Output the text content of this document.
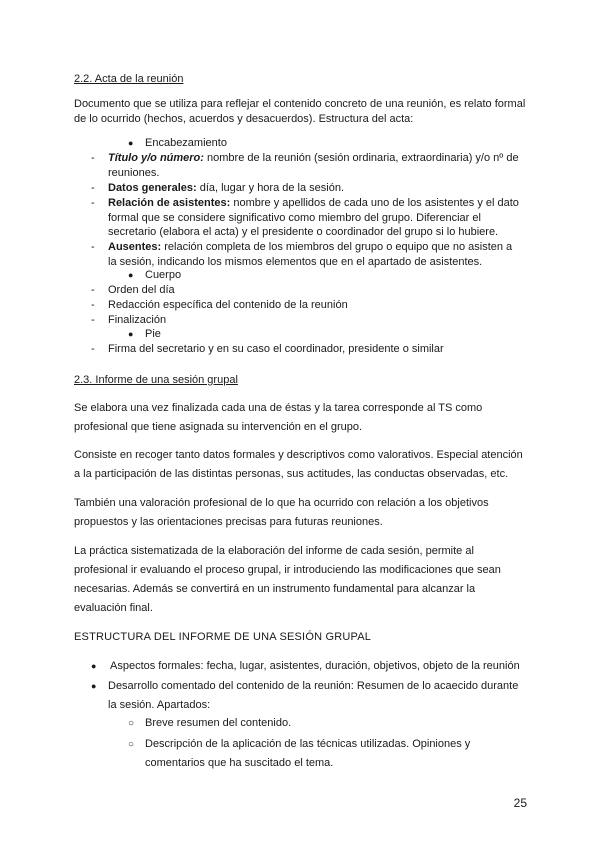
2.2. Acta de la reunión
Documento que se utiliza para reflejar el contenido concreto de una reunión, es relato formal
de lo ocurrido (hechos, acuerdos y desacuerdos). Estructura del acta:
● Encabezamiento
- Título y/o número: nombre de la reunión (sesión ordinaria, extraordinaria) y/o nº de
reuniones.
- Datos generales: día, lugar y hora de la sesión.
- Relación de asistentes: nombre y apellidos de cada uno de los asistentes y el dato
formal que se considere significativo como miembro del grupo. Diferenciar el
secretario (elabora el acta) y el presidente o coordinador del grupo si lo hubiere.
- Ausentes: relación completa de los miembros del grupo o equipo que no asisten a
la sesión, indicando los mismos elementos que en el apartado de asistentes.
● Cuerpo
- Orden del día
- Redacción específica del contenido de la reunión
- Finalización
● Pie
- Firma del secretario y en su caso el coordinador, presidente o similar
2.3. Informe de una sesión grupal
Se elabora una vez finalizada cada una de éstas y la tarea corresponde al TS como
profesional que tiene asignada su intervención en el grupo.
Consiste en recoger tanto datos formales y descriptivos como valorativos. Especial atención
a la participación de las distintas personas, sus actitudes, las conductas observadas, etc.
También una valoración profesional de lo que ha ocurrido con relación a los objetivos
propuestos y las orientaciones precisas para futuras reuniones.
La práctica sistematizada de la elaboración del informe de cada sesión, permite al
profesional ir evaluando el proceso grupal, ir introduciendo las modificaciones que sean
necesarias. Además se convertirá en un instrumento fundamental para alcanzar la
evaluación final.
ESTRUCTURA DEL INFORME DE UNA SESIÓN GRUPAL
● Aspectos formales: fecha, lugar, asistentes, duración, objetivos, objeto de la reunión
● Desarrollo comentado del contenido de la reunión: Resumen de lo acaecido durante
la sesión. Apartados:
○ Breve resumen del contenido.
○ Descripción de la aplicación de las técnicas utilizadas. Opiniones y
comentarios que ha suscitado el tema.
25
